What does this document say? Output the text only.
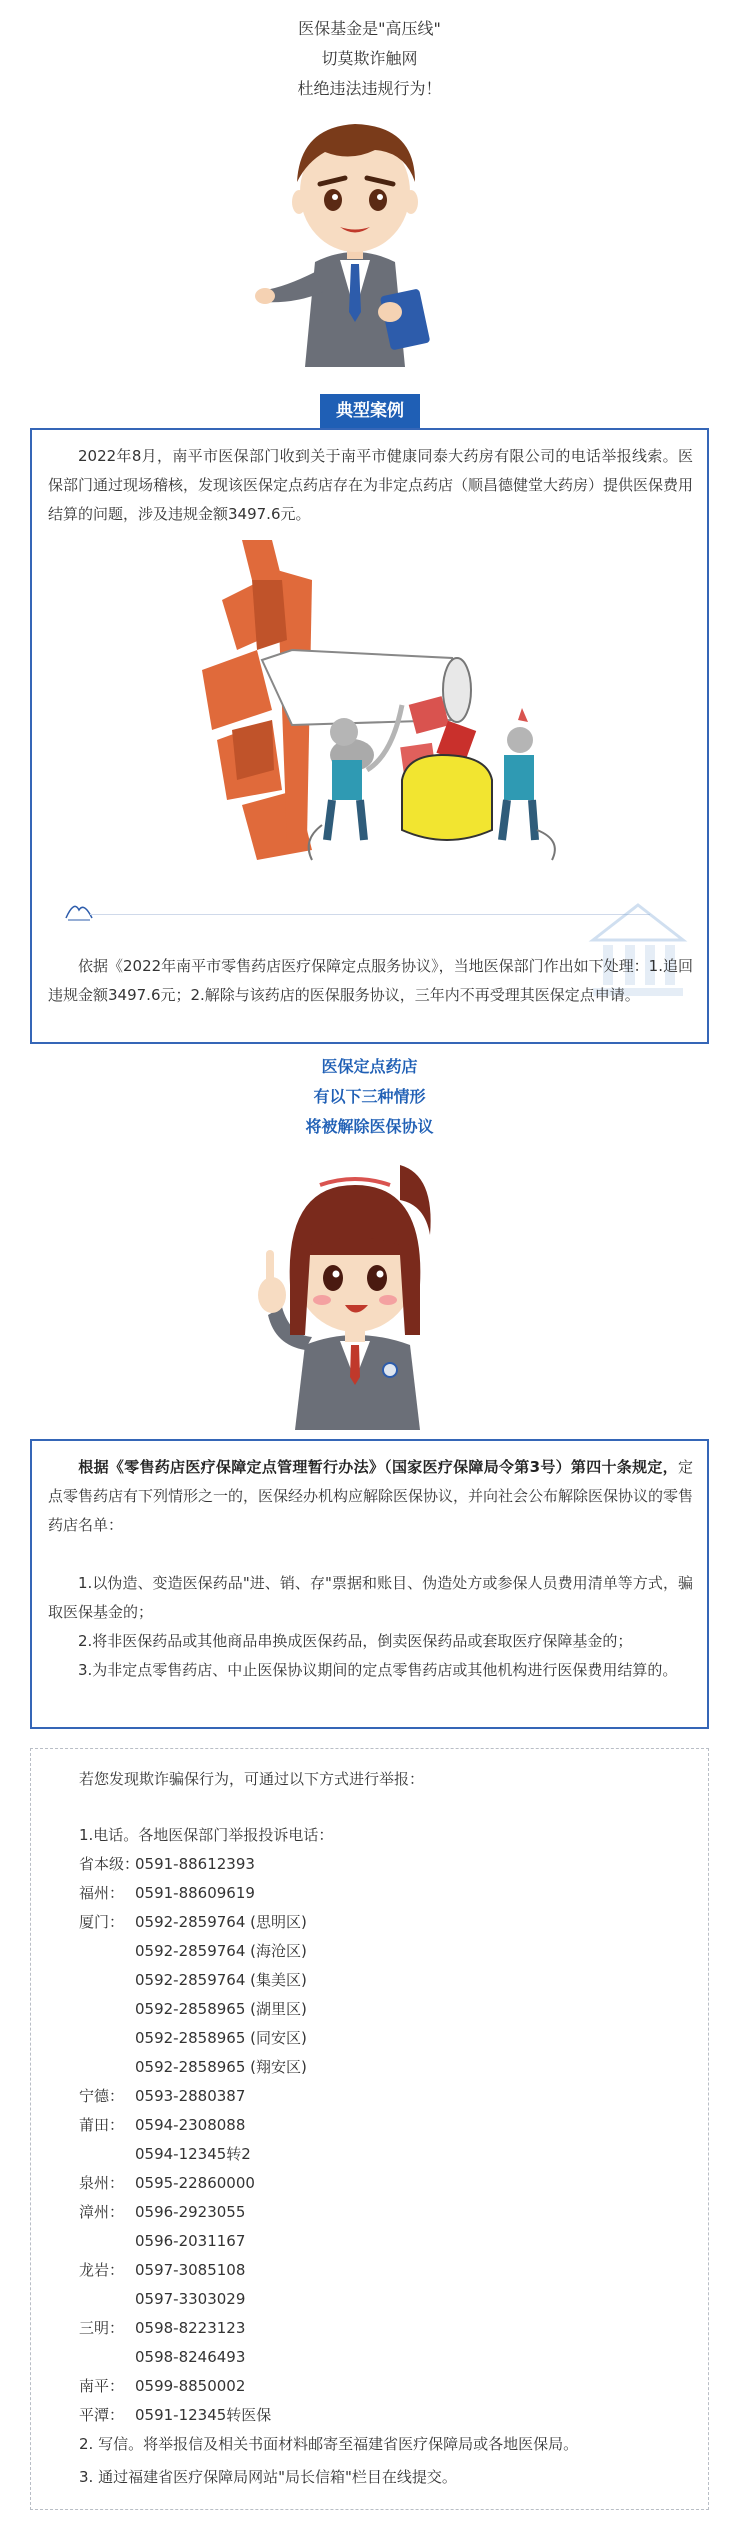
医保基金是"高压线"
切莫欺诈触网
杜绝违法违规行为！
典型案例

2022年8月，南平市医保部门收到关于南平市健康同泰大药房有限公司的电话举报线索。医保部门通过现场稽核，发现该医保定点药店存在为非定点药店（顺昌德健堂大药房）提供医保费用结算的问题，涉及违规金额3497.6元。

依据《2022年南平市零售药店医疗保障定点服务协议》，当地医保部门作出如下处理：1.追回违规金额3497.6元；2.解除与该药店的医保服务协议，三年内不再受理其医保定点申请。

医保定点药店
有以下三种情形
将被解除医保协议

根据《零售药店医疗保障定点管理暂行办法》（国家医疗保障局令第3号）第四十条规定，定点零售药店有下列情形之一的，医保经办机构应解除医保协议，并向社会公布解除医保协议的零售药店名单：

1.以伪造、变造医保药品"进、销、存"票据和账目、伪造处方或参保人员费用清单等方式，骗取医保基金的；

2.将非医保药品或其他商品串换成医保药品，倒卖医保药品或套取医疗保障基金的；

3.为非定点零售药店、中止医保协议期间的定点零售药店或其他机构进行医保费用结算的。

若您发现欺诈骗保行为，可通过以下方式进行举报：
1.电话。各地医保部门举报投诉电话：
省本级：0591-88612393
福州： 0591-88609619
厦门： 0592-2859764 (思明区)
0592-2859764 (海沧区)
0592-2859764 (集美区)
0592-2858965 (湖里区)
0592-2858965 (同安区)
0592-2858965 (翔安区)
宁德： 0593-2880387
莆田： 0594-2308088
0594-12345转2
泉州： 0595-22860000
漳州： 0596-2923055
0596-2031167
龙岩： 0597-3085108
0597-3303029
三明： 0598-8223123
0598-8246493
南平： 0599-8850002
平潭： 0591-12345转医保
2. 写信。将举报信及相关书面材料邮寄至福建省医疗保障局或各地医保局。
3. 通过福建省医疗保障局网站"局长信箱"栏目在线提交。
